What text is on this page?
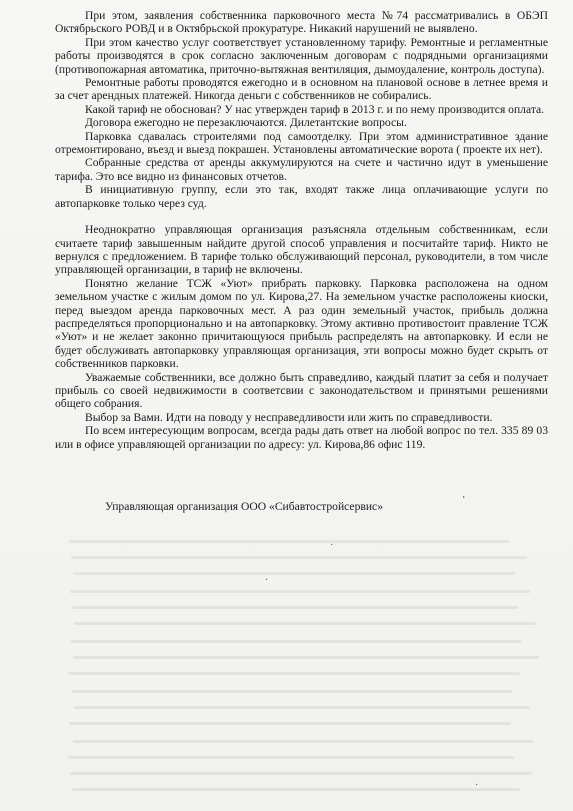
При этом, заявления собственника парковочного места №74 рассматривались в ОБЭП Октябрьского РОВД и в Октябрьской прокуратуре. Никакий нарушений не выявлено.

При этом качество услуг соответствует установленному тарифу. Ремонтные и регламентные работы производятся в срок согласно заключенным договорам с подрядными организациями (противопожарная автоматика, приточно-вытяжная вентиляция, дымоудаление, контроль доступа).

Ремонтные работы проводятся ежегодно и в основном на плановой основе в летнее время и за счет арендных платежей. Никогда деньги с собственников не собирались.

Какой тариф не обоснован? У нас утвержден тариф в 2013 г. и по нему производится оплата.

Договора ежегодно не перезаключаются. Дилетантские вопросы.

Парковка сдавалась строителями под самоотделку. При этом административное здание отремонтировано, въезд и выезд покрашен. Установлены автоматические ворота ( проекте их нет).

Собранные средства от аренды аккумулируются на счете и частично идут в уменьшение тарифа. Это все видно из финансовых отчетов.

В инициативную группу, если это так, входят также лица оплачивающие услуги по автопарковке только через суд.

Неоднократно управляющая организация разъясняла отдельным собственникам, если считаете тариф завышенным найдите другой способ управления и посчитайте тариф. Никто не вернулся с предложением. В тарифе только обслуживающий персонал, руководители, в том числе управляющей организации, в тариф не включены.

Понятно желание ТСЖ «Уют» прибрать парковку. Парковка расположена на одном земельном участке с жилым домом по ул. Кирова,27. На земельном участке расположены киоски, перед выездом аренда парковочных мест. А раз один земельный участок, прибыль должна распределяться пропорционально и на автопарковку. Этому активно противостоит правление ТСЖ «Уют» и не желает законно причитающуюся прибыль распределять на автопарковку. И если не будет обслуживать автопарковку управляющая организация, эти вопросы можно будет скрыть от собственников парковки.

Уважаемые собственники, все должно быть справедливо, каждый платит за себя и получает прибыль со своей недвижимости в соответсвии с законодательством и принятыми решениями общего собрания.

Выбор за Вами. Идти на поводу у несправедливости или жить по справедливости.

По всем интересующим вопросам, всегда рады дать ответ на любой вопрос по тел. 335 89 03 или в офисе управляющей организации по адресу: ул. Кирова,86 офис 119.

Управляющая организация ООО «Сибавтостройсервис»	ʼ
·
·
·
